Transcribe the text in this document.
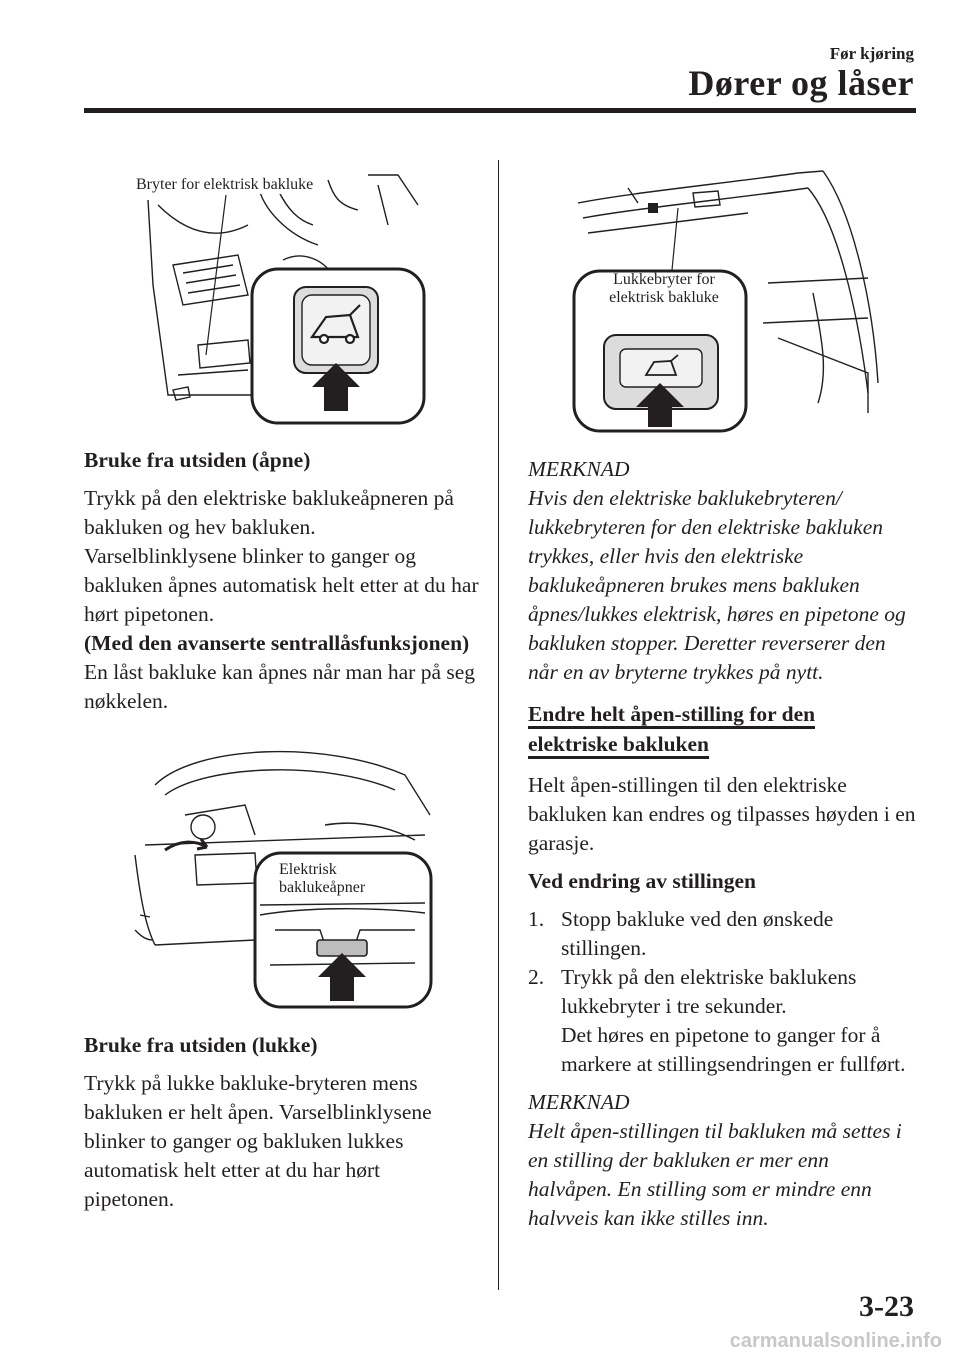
Før kjøring
Dører og låser
Bryter for elektrisk bakluke
Lukkebryter for
elektrisk bakluke
Elektrisk
baklukeåpner

Bruke fra utsiden (åpne)

Trykk på den elektriske baklukeåpneren på bakluken og hev bakluken.

Varselblinklysene blinker to ganger og bakluken åpnes automatisk helt etter at du har hørt pipetonen.

(Med den avanserte sentrallåsfunksjonen)

En låst bakluke kan åpnes når man har på seg nøkkelen.

Bruke fra utsiden (lukke)

Trykk på lukke bakluke-bryteren mens bakluken er helt åpen. Varselblinklysene blinker to ganger og bakluken lukkes automatisk helt etter at du har hørt pipetonen.

MERKNAD

Hvis den elektriske baklukebryteren/ lukkebryteren for den elektriske bakluken trykkes, eller hvis den elektriske baklukeåpneren brukes mens bakluken åpnes/lukkes elektrisk, høres en pipetone og bakluken stopper. Deretter reverserer den når en av bryterne trykkes på nytt.

Endre helt åpen-stilling for den
elektriske bakluken

Helt åpen-stillingen til den elektriske bakluken kan endres og tilpasses høyden i en garasje.

Ved endring av stillingen

1. Stopp bakluke ved den ønskede stillingen.
2. Trykk på den elektriske baklukens lukkebryter i tre sekunder.
Det høres en pipetone to ganger for å markere at stillingsendringen er fullført.

MERKNAD

Helt åpen-stillingen til bakluken må settes i en stilling der bakluken er mer enn halvåpen. En stilling som er mindre enn halvveis kan ikke stilles inn.

3-23
carmanualsonline.info
